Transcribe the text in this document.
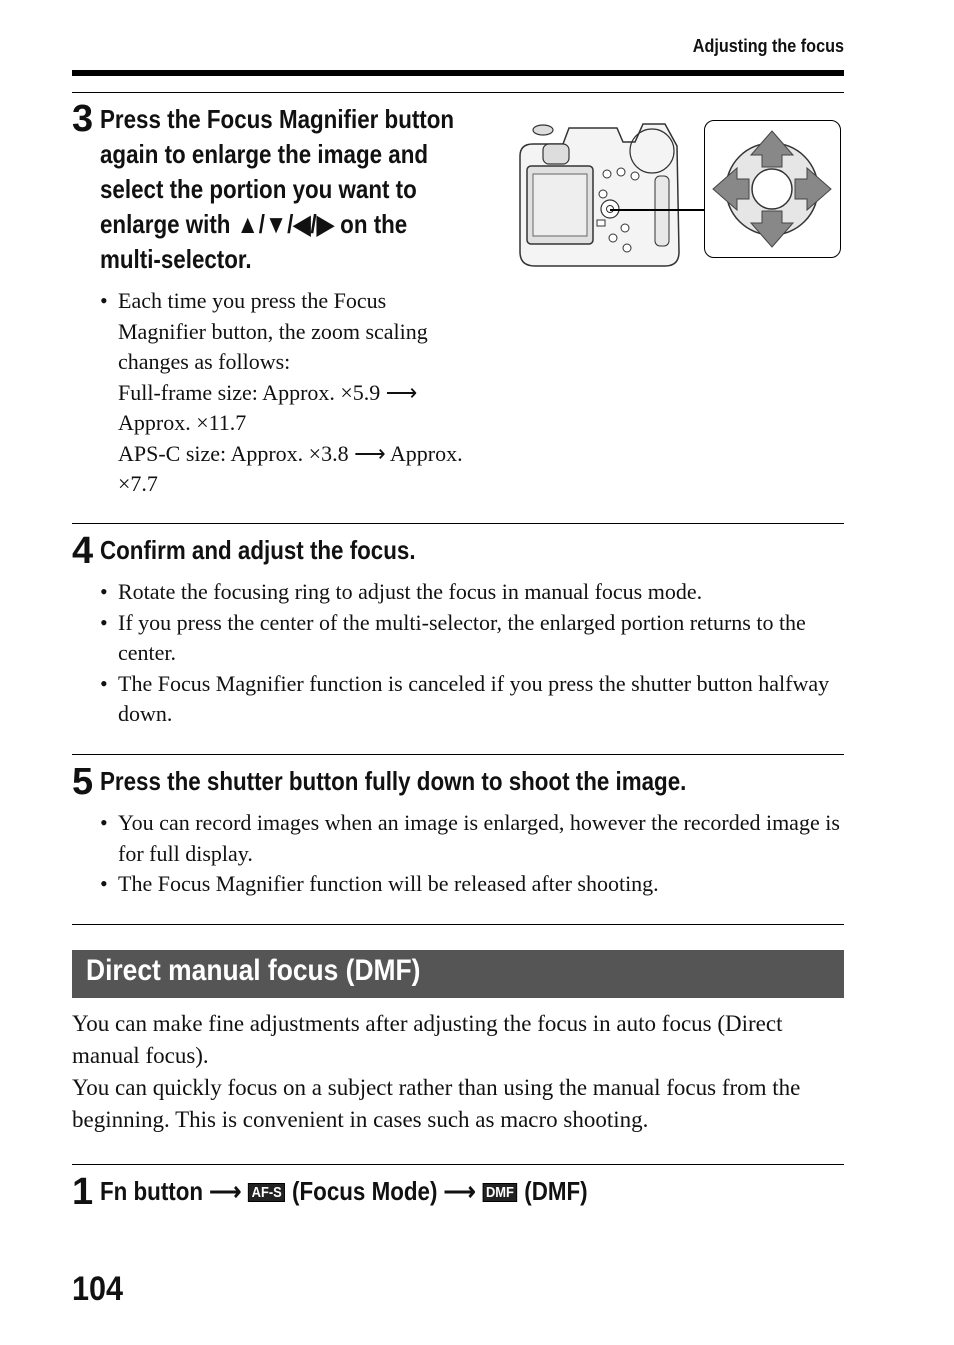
Adjusting the focus
3 Press the Focus Magnifier button
again to enlarge the image and
select the portion you want to
enlarge with ▲/▼/◀/▶ on the
multi-selector.
• Each time you press the Focus
Magnifier button, the zoom scaling
changes as follows:
Full-frame size: Approx. ×5.9 ⟶
Approx. ×11.7
APS-C size: Approx. ×3.8 ⟶ Approx.
×7.7
4 Confirm and adjust the focus.
• Rotate the focusing ring to adjust the focus in manual focus mode.
• If you press the center of the multi-selector, the enlarged portion returns to the center.
• The Focus Magnifier function is canceled if you press the shutter button halfway down.
5 Press the shutter button fully down to shoot the image.
• You can record images when an image is enlarged, however the recorded image is for full display.
• The Focus Magnifier function will be released after shooting.
Direct manual focus (DMF)
You can make fine adjustments after adjusting the focus in auto focus (Direct manual focus).
You can quickly focus on a subject rather than using the manual focus from the beginning. This is convenient in cases such as macro shooting.
1 Fn button ⟶ AF-S (Focus Mode) ⟶ DMF (DMF)
104
